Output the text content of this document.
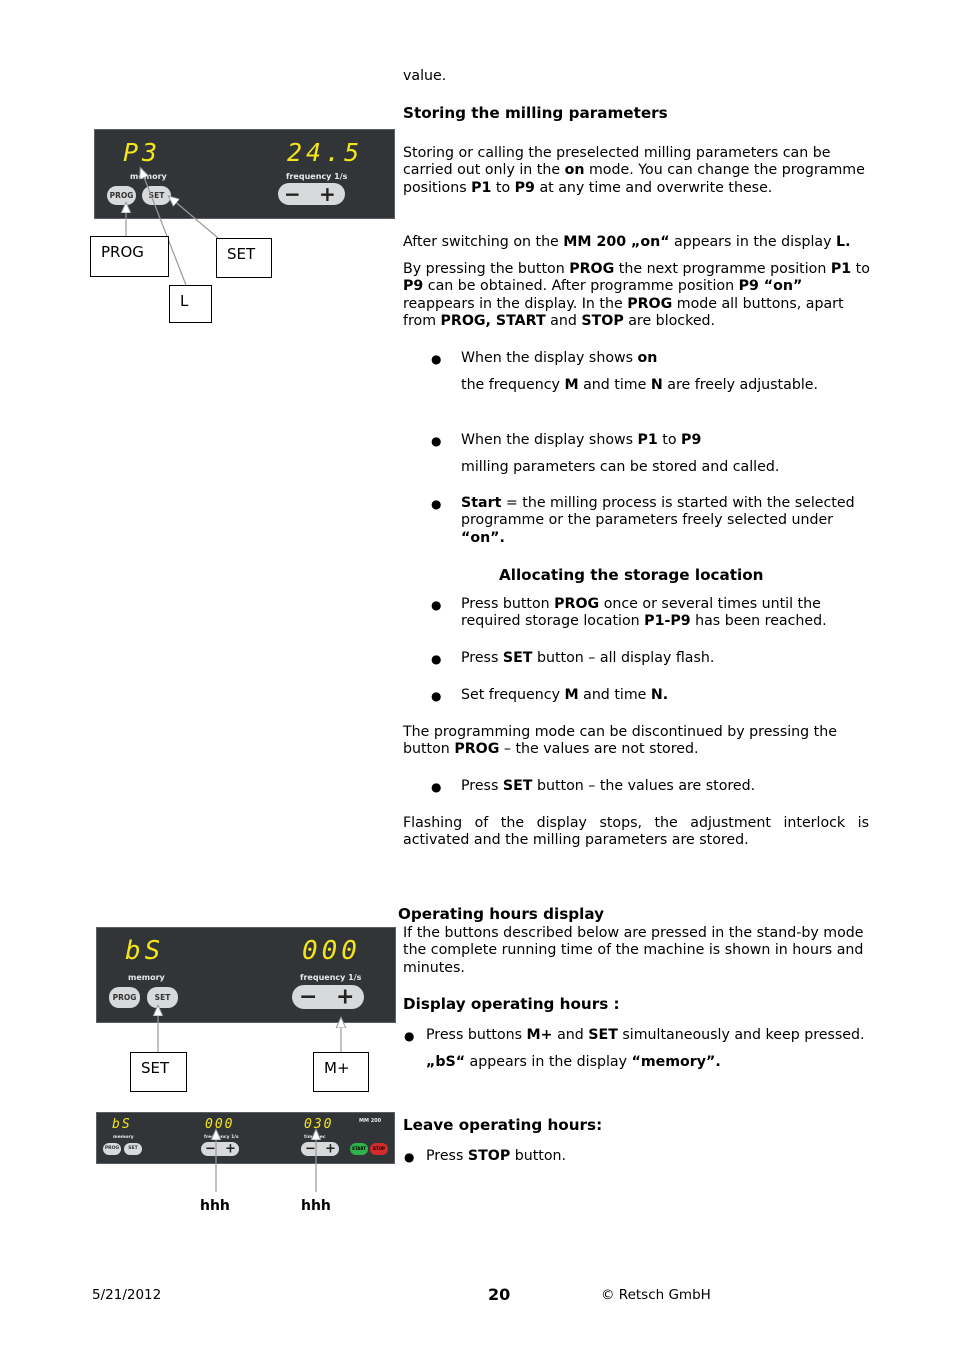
value.
Storing the milling parameters
Storing or calling the preselected milling parameters can be carried out only in the on mode. You can change the programme positions P1 to P9 at any time and overwrite these.
After switching on the MM 200 „on“ appears in the display L.
By pressing the button PROG the next programme position P1 to P9 can be obtained. After programme position P9 “on” reappears in the display. In the PROG mode all buttons, apart from PROG, START and STOP are blocked.
● When the display shows on
the frequency M and time N are freely adjustable.
● When the display shows P1 to P9
milling parameters can be stored and called.
● Start = the milling process is started with the selected programme or the parameters freely selected under “on”.
Allocating the storage location
● Press button PROG once or several times until the required storage location P1-P9 has been reached.
● Press SET button – all display flash.
● Set frequency M and time N.
The programming mode can be discontinued by pressing the button PROG – the values are not stored.
● Press SET button – the values are stored.
Flashing of the display stops, the adjustment interlock is activated and the milling parameters are stored.
Operating hours display
If the buttons described below are pressed in the stand-by mode the complete running time of the machine is shown in hours and minutes.
Display operating hours :
● Press buttons M+ and SET simultaneously and keep pressed.
„bS“ appears in the display “memory”.
Leave operating hours:
● Press STOP button.
P3	24.5
memory	frequency 1/s
PROG	SET	− +
bS	000
memory	frequency 1/s
PROG	SET	− +
bS	000	030	MM 200
memory	frequency 1/s	time/sec
PROG	SET	− +	− +	START	STOP
PROG	SET
L
SET	M+
hhh	hhh
5/21/2012	20	© Retsch GmbH
